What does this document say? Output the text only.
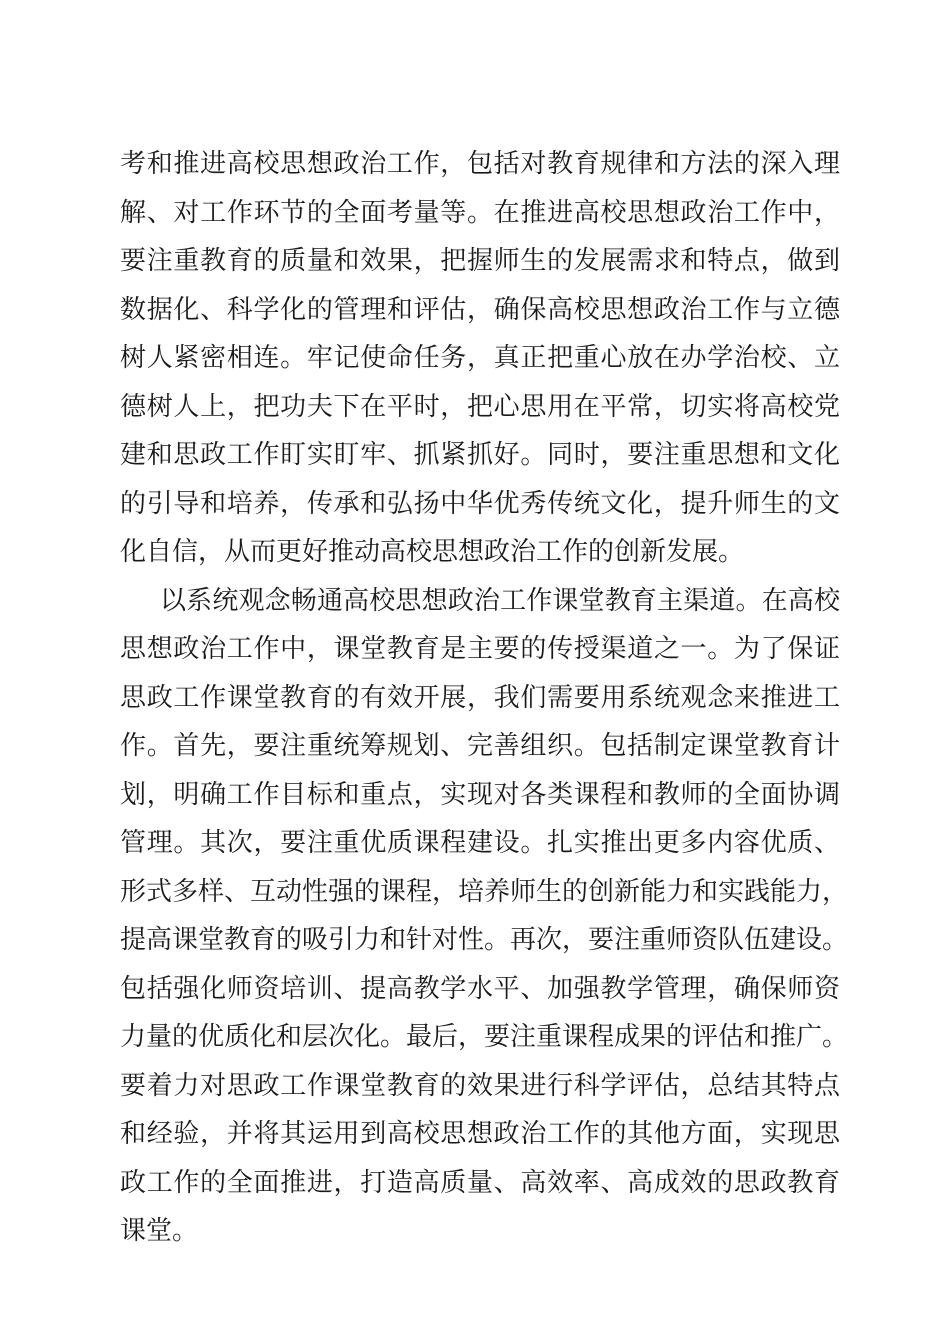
考和推进高校思想政治工作，包括对教育规律和方法的深入理
解、对工作环节的全面考量等。在推进高校思想政治工作中，
要注重教育的质量和效果，把握师生的发展需求和特点，做到
数据化、科学化的管理和评估，确保高校思想政治工作与立德
树人紧密相连。牢记使命任务，真正把重心放在办学治校、立
德树人上，把功夫下在平时，把心思用在平常，切实将高校党
建和思政工作盯实盯牢、抓紧抓好。同时，要注重思想和文化
的引导和培养，传承和弘扬中华优秀传统文化，提升师生的文
化自信，从而更好推动高校思想政治工作的创新发展。
以系统观念畅通高校思想政治工作课堂教育主渠道。在高校
思想政治工作中，课堂教育是主要的传授渠道之一。为了保证
思政工作课堂教育的有效开展，我们需要用系统观念来推进工
作。首先，要注重统筹规划、完善组织。包括制定课堂教育计
划，明确工作目标和重点，实现对各类课程和教师的全面协调
管理。其次，要注重优质课程建设。扎实推出更多内容优质、
形式多样、互动性强的课程，培养师生的创新能力和实践能力，
提高课堂教育的吸引力和针对性。再次，要注重师资队伍建设。
包括强化师资培训、提高教学水平、加强教学管理，确保师资
力量的优质化和层次化。最后，要注重课程成果的评估和推广。
要着力对思政工作课堂教育的效果进行科学评估，总结其特点
和经验，并将其运用到高校思想政治工作的其他方面，实现思
政工作的全面推进，打造高质量、高效率、高成效的思政教育
课堂。
